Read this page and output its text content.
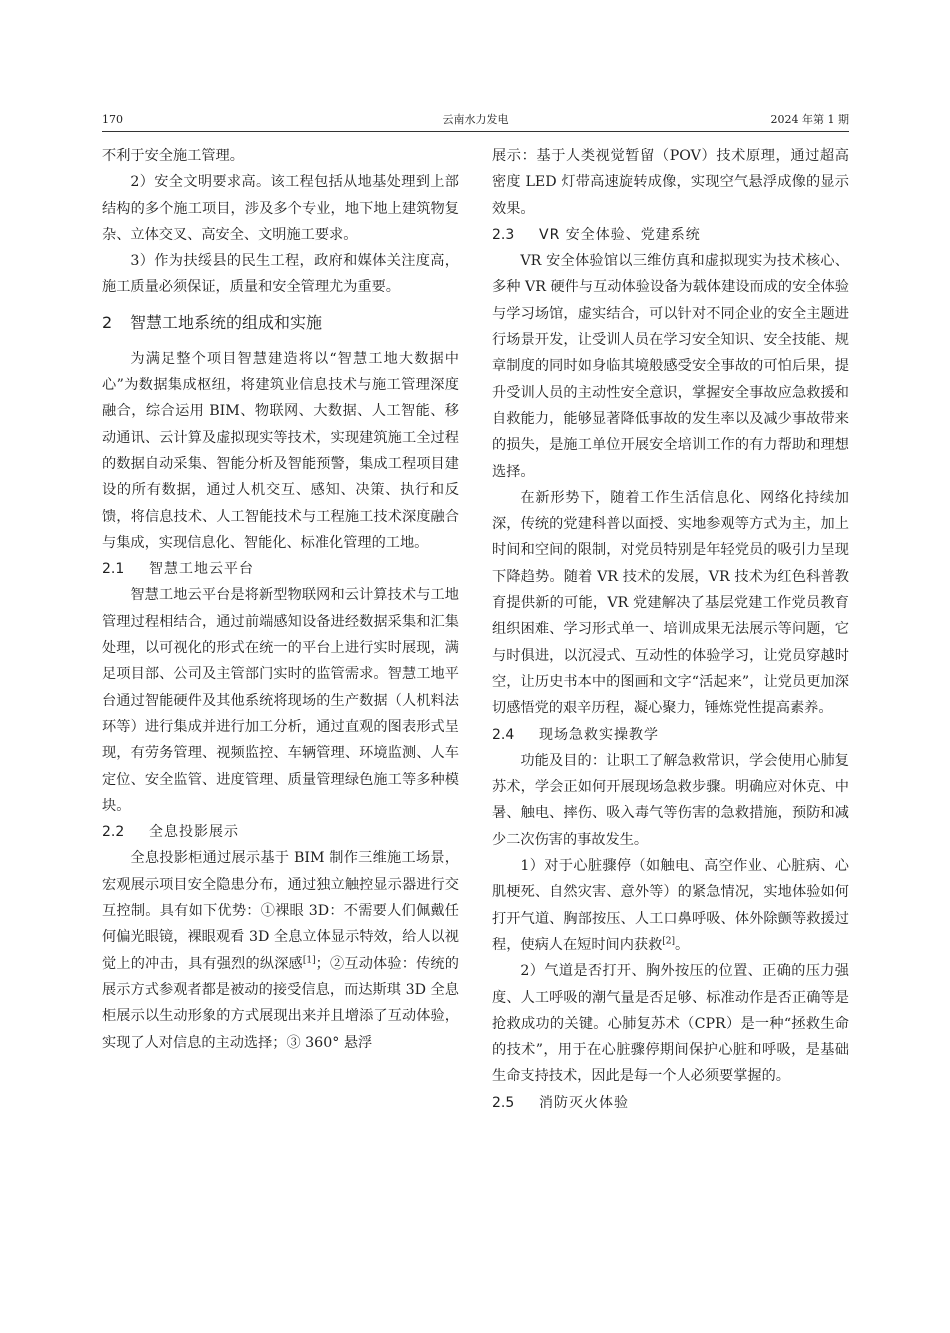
170	云南水力发电	2024 年第 1 期

不利于安全施工管理。

2）安全文明要求高。该工程包括从地基处理到上部结构的多个施工项目，涉及多个专业，地下地上建筑物复杂、立体交叉、高安全、文明施工要求。

3）作为扶绥县的民生工程，政府和媒体关注度高，施工质量必须保证，质量和安全管理尤为重要。

2 智慧工地系统的组成和实施

为满足整个项目智慧建造将以“智慧工地大数据中心”为数据集成枢纽，将建筑业信息技术与施工管理深度融合，综合运用 BIM、物联网、大数据、人工智能、移动通讯、云计算及虚拟现实等技术，实现建筑施工全过程的数据自动采集、智能分析及智能预警，集成工程项目建设的所有数据，通过人机交互、感知、决策、执行和反馈，将信息技术、人工智能技术与工程施工技术深度融合与集成，实现信息化、智能化、标准化管理的工地。

2.1 智慧工地云平台

智慧工地云平台是将新型物联网和云计算技术与工地管理过程相结合，通过前端感知设备进经数据采集和汇集处理，以可视化的形式在统一的平台上进行实时展现，满足项目部、公司及主管部门实时的监管需求。智慧工地平台通过智能硬件及其他系统将现场的生产数据（人机料法环等）进行集成并进行加工分析，通过直观的图表形式呈现，有劳务管理、视频监控、车辆管理、环境监测、人车定位、安全监管、进度管理、质量管理绿色施工等多种模块。

2.2 全息投影展示

全息投影柜通过展示基于 BIM 制作三维施工场景，宏观展示项目安全隐患分布，通过独立触控显示器进行交互控制。具有如下优势：①裸眼 3D：不需要人们佩戴任何偏光眼镜，裸眼观看 3D 全息立体显示特效，给人以视觉上的冲击，具有强烈的纵深感[1]；②互动体验：传统的展示方式参观者都是被动的接受信息，而达斯琪 3D 全息柜展示以生动形象的方式展现出来并且增添了互动体验，实现了人对信息的主动选择；③ 360° 悬浮

展示：基于人类视觉暂留（POV）技术原理，通过超高密度 LED 灯带高速旋转成像，实现空气悬浮成像的显示效果。

2.3 VR 安全体验、党建系统

VR 安全体验馆以三维仿真和虚拟现实为技术核心、多种 VR 硬件与互动体验设备为载体建设而成的安全体验与学习场馆，虚实结合，可以针对不同企业的安全主题进行场景开发，让受训人员在学习安全知识、安全技能、规章制度的同时如身临其境般感受安全事故的可怕后果，提升受训人员的主动性安全意识，掌握安全事故应急救援和自救能力，能够显著降低事故的发生率以及减少事故带来的损失，是施工单位开展安全培训工作的有力帮助和理想选择。

在新形势下，随着工作生活信息化、网络化持续加深，传统的党建科普以面授、实地参观等方式为主，加上时间和空间的限制，对党员特别是年轻党员的吸引力呈现下降趋势。随着 VR 技术的发展，VR 技术为红色科普教育提供新的可能，VR 党建解决了基层党建工作党员教育组织困难、学习形式单一、培训成果无法展示等问题，它与时俱进，以沉浸式、互动性的体验学习，让党员穿越时空，让历史书本中的图画和文字“活起来”，让党员更加深切感悟党的艰辛历程，凝心聚力，锤炼党性提高素养。

2.4 现场急救实操教学

功能及目的：让职工了解急救常识，学会使用心肺复苏术，学会正如何开展现场急救步骤。明确应对休克、中暑、触电、摔伤、吸入毒气等伤害的急救措施，预防和减少二次伤害的事故发生。

1）对于心脏骤停（如触电、高空作业、心脏病、心肌梗死、自然灾害、意外等）的紧急情况，实地体验如何打开气道、胸部按压、人工口鼻呼吸、体外除颤等救援过程，使病人在短时间内获救[2]。

2）气道是否打开、胸外按压的位置、正确的压力强度、人工呼吸的潮气量是否足够、标准动作是否正确等是抢救成功的关键。心肺复苏术（CPR）是一种“拯救生命的技术”，用于在心脏骤停期间保护心脏和呼吸，是基础生命支持技术，因此是每一个人必须要掌握的。

2.5 消防灭火体验
